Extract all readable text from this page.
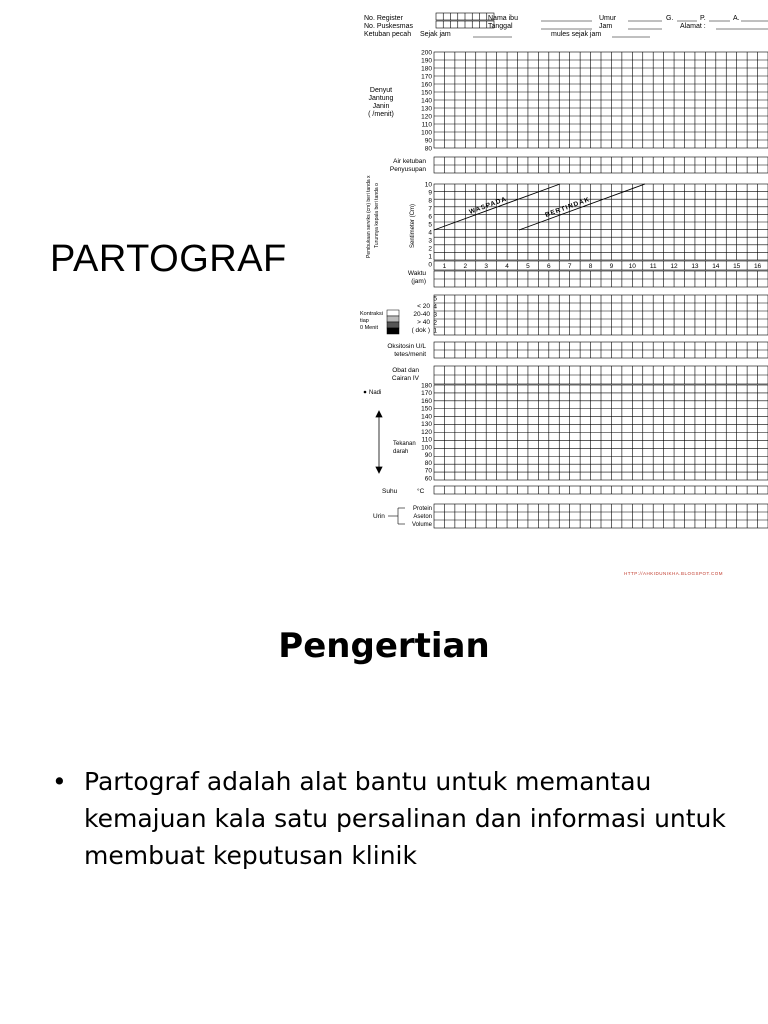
PARTOGRAF
No. Register
No. Puskesmas
Ketuban pecah Sejak jam
Nama ibu
Tanggal
mules sejak jam
Umur
Jam
G.	P.	A.
Alamat :
Denyut
Jantung
Janin
( /menit)
200
190
180
170
160
150
140
130
120
110
100
90
80
Air ketuban
Penyusupan
10
9
8
7
6
5
4
3
2
1
0
Pembukaan serviks (cm) beri tanda x Turunnya kepala beri tanda o	Sentimeter (Cm)	WASPADA	BERTINDAK
1	2	3	4	5	6	7	8	9 10 11 12 13 14 15 16
Waktu
(jam)
5
4
3
2
1
< 20
20-40
> 40
( dok )
Kontraksi
tiap
0 Menit
Oksitosin U/L
tetes/menit
Obat dan
Cairan IV
180
170
160
150
140
130
120
110
100
90
80
70
60
Nadi
Tekanan
darah
Suhu	°C
Urin
Protein
Aseton
Volume
HTTP://AHKIDUNIKHA.BLOGSPOT.COM
Pengertian
• Partograf adalah alat bantu untuk memantau kemajuan kala satu persalinan dan informasi untuk membuat keputusan klinik
